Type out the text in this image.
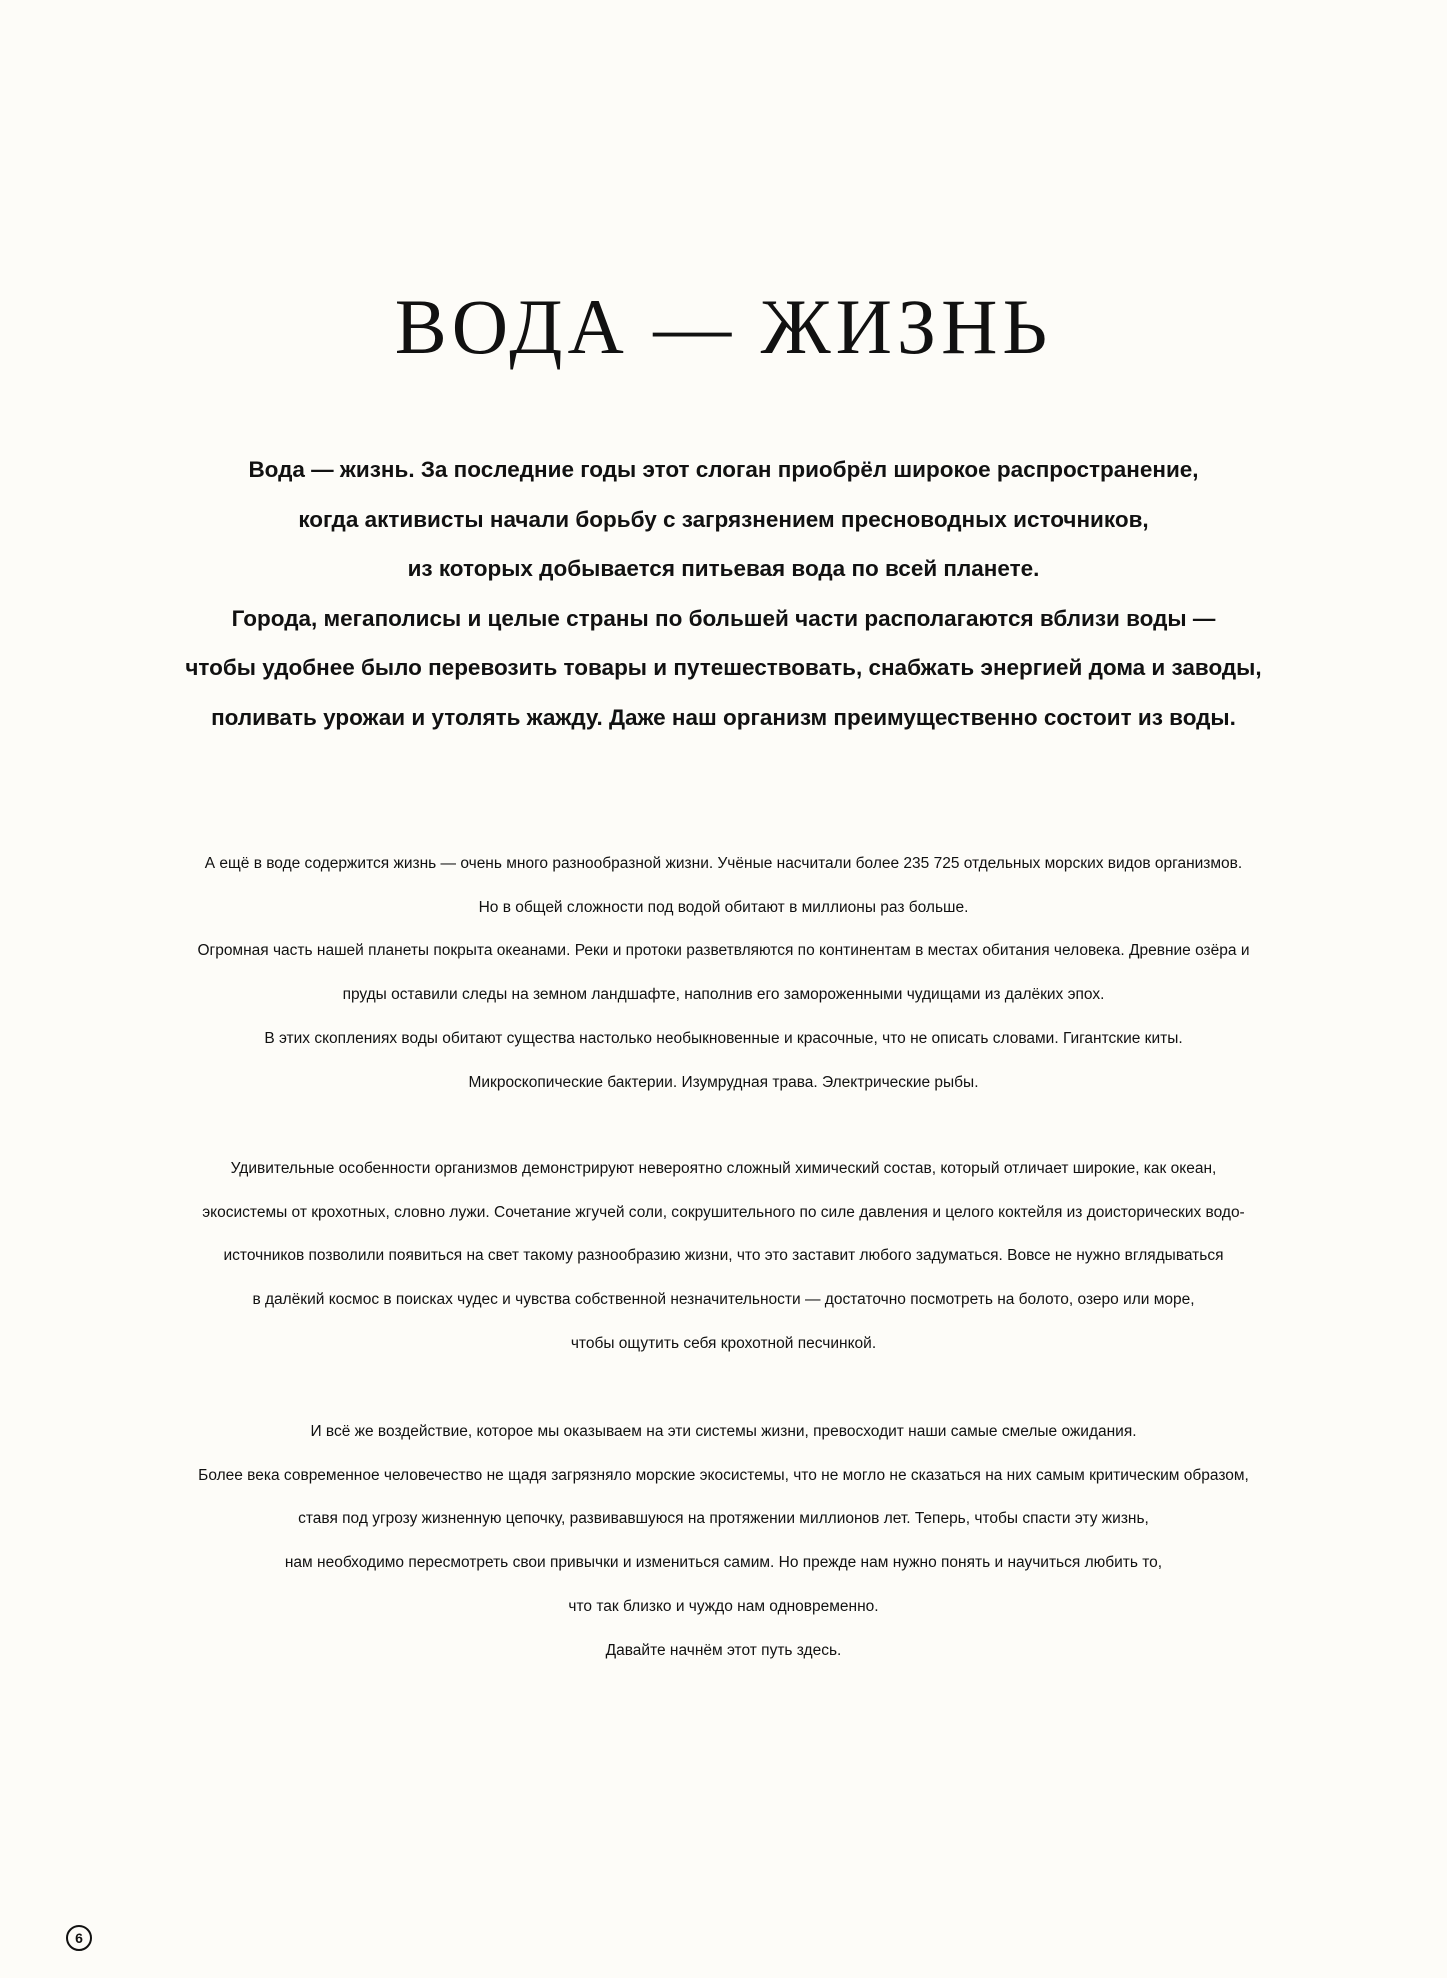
ВОДА — ЖИЗНЬ
Вода — жизнь. За последние годы этот слоган приобрёл широкое распространение,
когда активисты начали борьбу с загрязнением пресноводных источников,
из которых добывается питьевая вода по всей планете.
Города, мегаполисы и целые страны по большей части располагаются вблизи воды —
чтобы удобнее было перевозить товары и путешествовать, снабжать энергией дома и заводы,
поливать урожаи и утолять жажду. Даже наш организм преимущественно состоит из воды.
А ещё в воде содержится жизнь — очень много разнообразной жизни. Учёные насчитали более 235 725 отдельных морских видов организмов.
Но в общей сложности под водой обитают в миллионы раз больше.
Огромная часть нашей планеты покрыта океанами. Реки и протоки разветвляются по континентам в местах обитания человека. Древние озёра и
пруды оставили следы на земном ландшафте, наполнив его замороженными чудищами из далёких эпох.
В этих скоплениях воды обитают существа настолько необыкновенные и красочные, что не описать словами. Гигантские киты.
Микроскопические бактерии. Изумрудная трава. Электрические рыбы.
Удивительные особенности организмов демонстрируют невероятно сложный химический состав, который отличает широкие, как океан,
экосистемы от крохотных, словно лужи. Сочетание жгучей соли, сокрушительного по силе давления и целого коктейля из доисторических водо-
источников позволили появиться на свет такому разнообразию жизни, что это заставит любого задуматься. Вовсе не нужно вглядываться
в далёкий космос в поисках чудес и чувства собственной незначительности — достаточно посмотреть на болото, озеро или море,
чтобы ощутить себя крохотной песчинкой.
И всё же воздействие, которое мы оказываем на эти системы жизни, превосходит наши самые смелые ожидания.
Более века современное человечество не щадя загрязняло морские экосистемы, что не могло не сказаться на них самым критическим образом,
ставя под угрозу жизненную цепочку, развивавшуюся на протяжении миллионов лет. Теперь, чтобы спасти эту жизнь,
нам необходимо пересмотреть свои привычки и измениться самим. Но прежде нам нужно понять и научиться любить то,
что так близко и чуждо нам одновременно.
Давайте начнём этот путь здесь.
6
